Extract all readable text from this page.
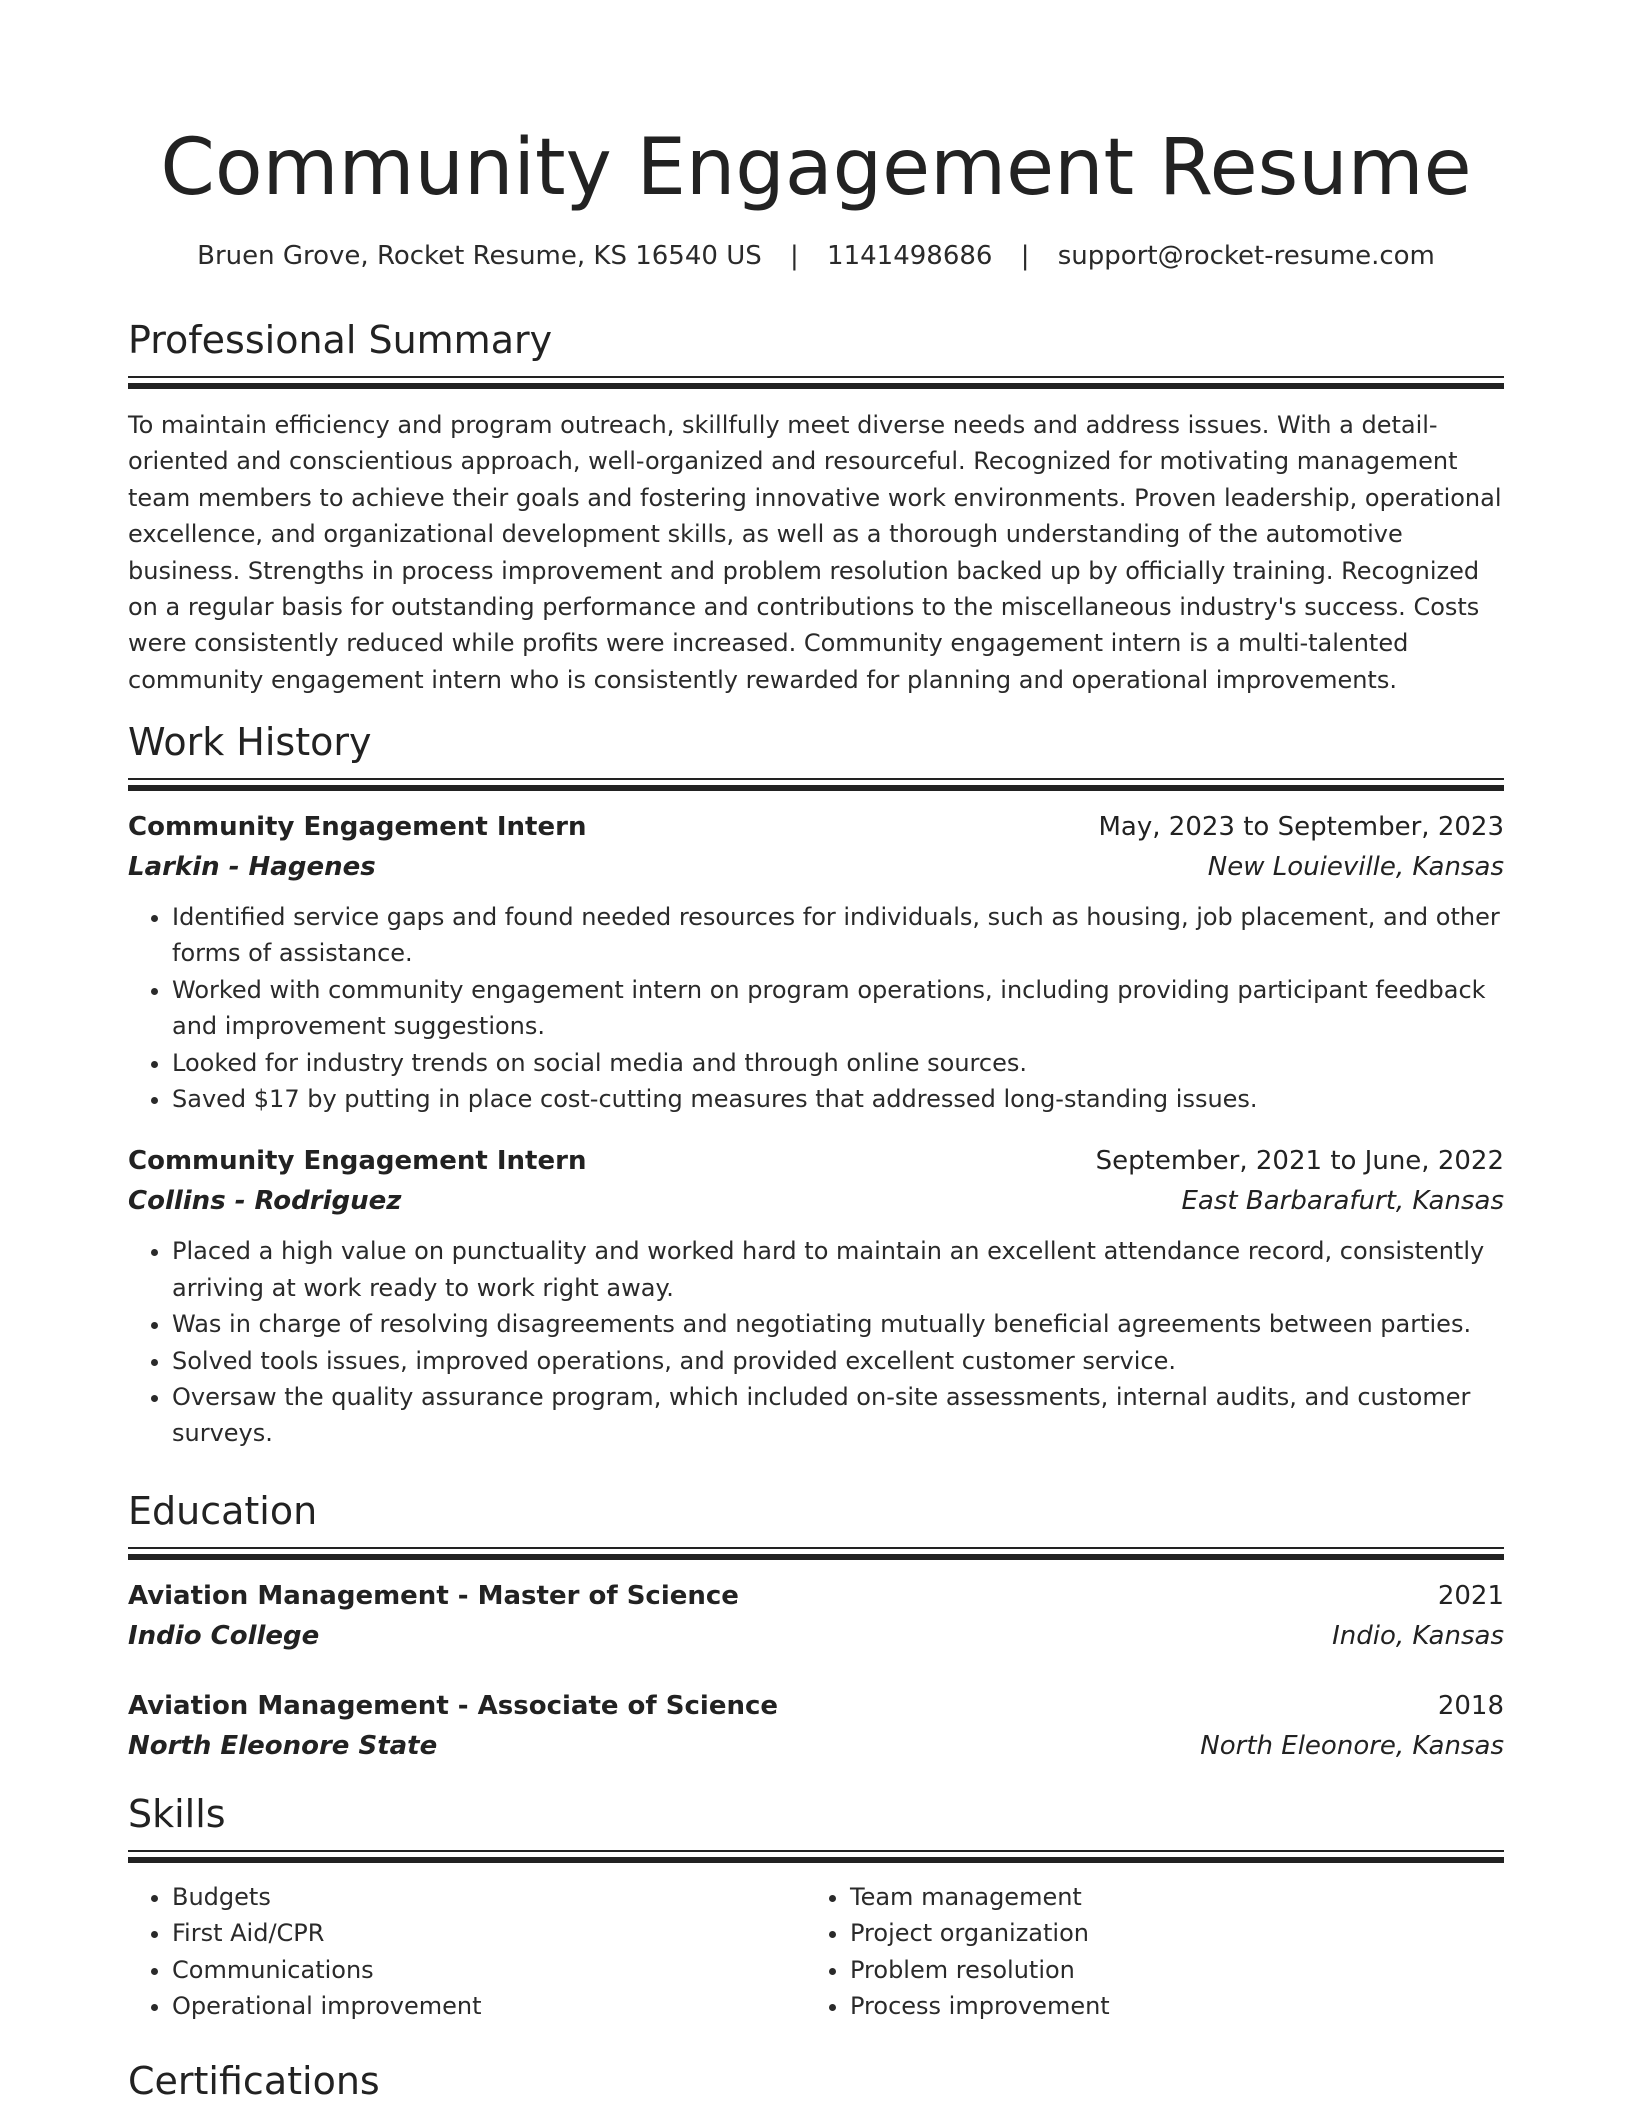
Community Engagement Resume
Bruen Grove, Rocket Resume, KS 16540 US | 1141498686 | support@rocket-resume.com
Professional Summary

To maintain efficiency and program outreach, skillfully meet diverse needs and address issues. With a detail-oriented and conscientious approach, well-organized and resourceful. Recognized for motivating management team members to achieve their goals and fostering innovative work environments. Proven leadership, operational excellence, and organizational development skills, as well as a thorough understanding of the automotive business. Strengths in process improvement and problem resolution backed up by officially training. Recognized on a regular basis for outstanding performance and contributions to the miscellaneous industry's success. Costs were consistently reduced while profits were increased. Community engagement intern is a multi-talented community engagement intern who is consistently rewarded for planning and operational improvements.

Work History
Community Engagement Intern	May, 2023 to September, 2023
Larkin - Hagenes	New Louieville, Kansas
• Identified service gaps and found needed resources for individuals, such as housing, job placement, and other forms of assistance.
• Worked with community engagement intern on program operations, including providing participant feedback and improvement suggestions.
• Looked for industry trends on social media and through online sources.
• Saved $17 by putting in place cost-cutting measures that addressed long-standing issues.
Community Engagement Intern	September, 2021 to June, 2022
Collins - Rodriguez	East Barbarafurt, Kansas
• Placed a high value on punctuality and worked hard to maintain an excellent attendance record, consistently arriving at work ready to work right away.
• Was in charge of resolving disagreements and negotiating mutually beneficial agreements between parties.
• Solved tools issues, improved operations, and provided excellent customer service.
• Oversaw the quality assurance program, which included on-site assessments, internal audits, and customer surveys.
Education
Aviation Management - Master of Science	2021
Indio College	Indio, Kansas
Aviation Management - Associate of Science	2018
North Eleonore State	North Eleonore, Kansas
Skills
• Budgets
• First Aid/CPR
• Communications
• Operational improvement
• Team management
• Project organization
• Problem resolution
• Process improvement
Certifications
